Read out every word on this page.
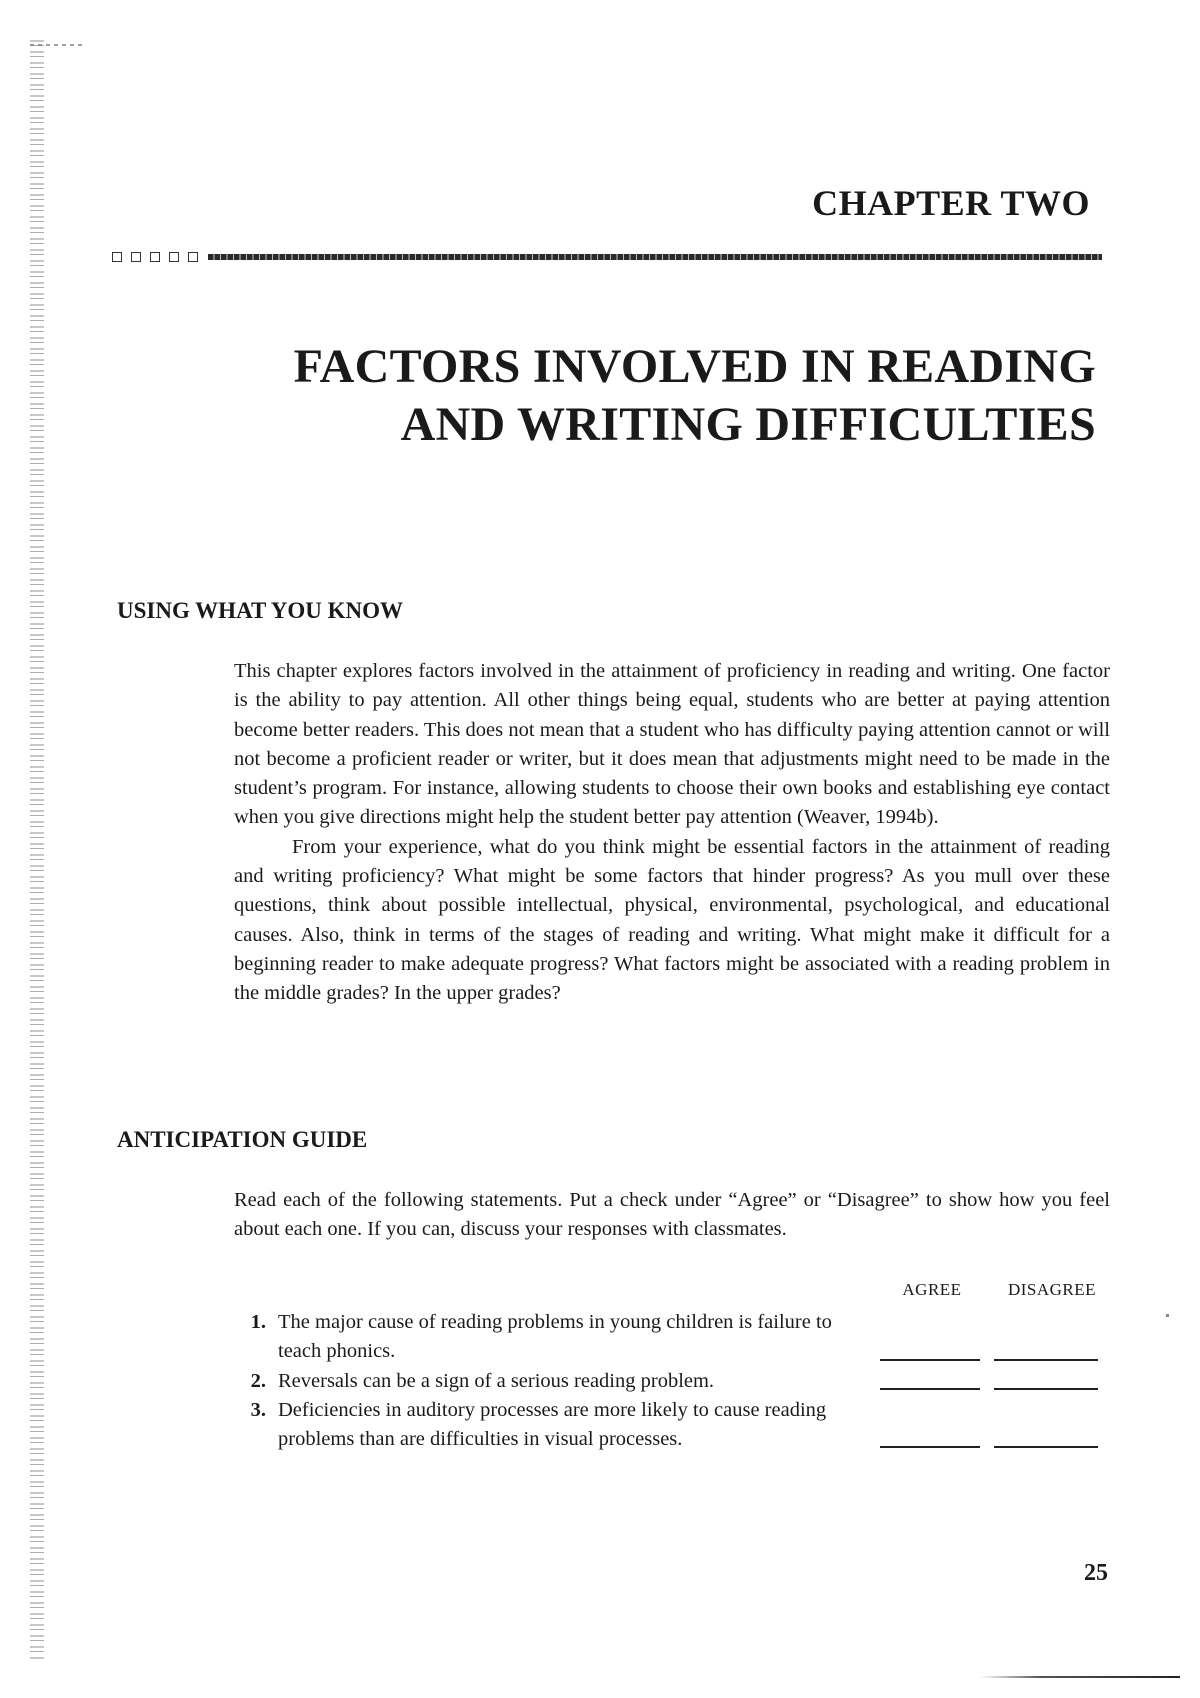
CHAPTER TWO
FACTORS INVOLVED IN READING
AND WRITING DIFFICULTIES
USING WHAT YOU KNOW

This chapter explores factors involved in the attainment of proficiency in reading and writing. One factor is the ability to pay attention. All other things being equal, students who are better at paying attention become better readers. This does not mean that a student who has difficulty paying attention cannot or will not become a proficient reader or writer, but it does mean that adjustments might need to be made in the student’s program. For instance, allowing students to choose their own books and establishing eye contact when you give directions might help the student better pay attention (Weaver, 1994b).

From your experience, what do you think might be essential factors in the attainment of reading and writing proficiency? What might be some factors that hinder progress? As you mull over these questions, think about possible intellectual, physical, environmental, psychological, and educational causes. Also, think in terms of the stages of reading and writing. What might make it difficult for a beginning reader to make adequate progress? What factors might be associated with a reading problem in the middle grades? In the upper grades?

ANTICIPATION GUIDE

Read each of the following statements. Put a check under “Agree” or “Disagree” to show how you feel about each one. If you can, discuss your responses with classmates.

AGREE	DISAGREE
1. The major cause of reading problems in young children is failure to teach phonics.
2. Reversals can be a sign of a serious reading problem.
3. Deficiencies in auditory processes are more likely to cause reading problems than are difficulties in visual processes.

25
